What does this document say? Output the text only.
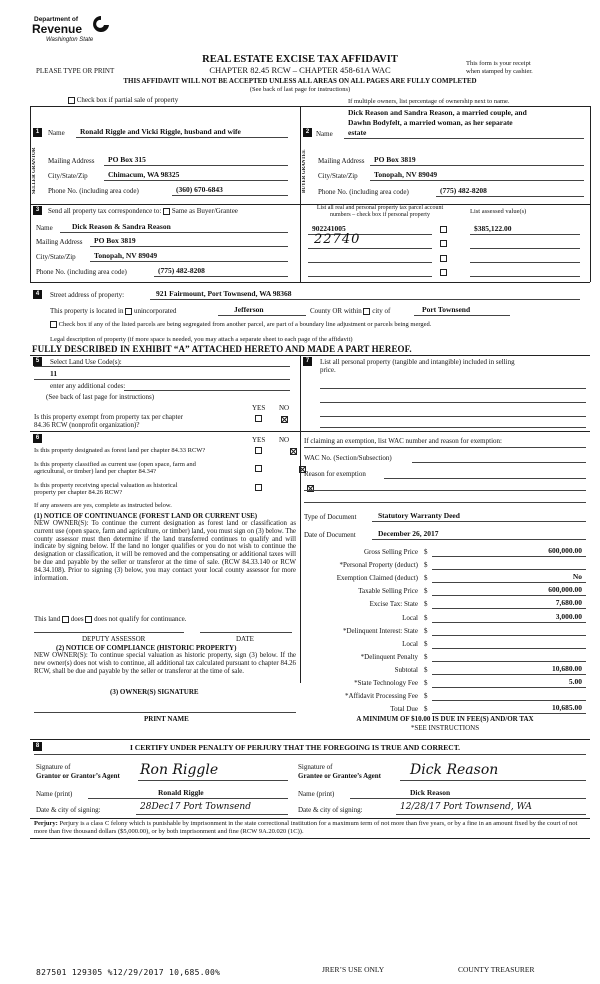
Department of
Revenue
Washington State
REAL ESTATE EXCISE TAX AFFIDAVIT
CHAPTER 82.45 RCW – CHAPTER 458-61A WAC
PLEASE TYPE OR PRINT
This form is your receipt
when stamped by cashier.
THIS AFFIDAVIT WILL NOT BE ACCEPTED UNLESS ALL AREAS ON ALL PAGES ARE FULLY COMPLETED
(See back of last page for instructions)
Check box if partial sale of property	If multiple owners, list percentage of ownership next to name.
1	Name Ronald Riggle and Vicki Riggle, husband and wife
SELLER GRANTOR	Mailing Address PO Box 315
City/State/Zip	Chimacum, WA 98325
Phone No. (including area code)	(360) 670-6843
Dick Reason and Sandra Reason, a married couple, and
Dawhn Bodyfelt, a married woman, as her separate
2 Name estate
BUYER GRANTEE	Mailing Address PO Box 3819
City/State/Zip Tonopah, NV 89049
Phone No. (including area code)	(775) 482-8208
3	Send all property tax correspondence to: Same as Buyer/Grantee
Name	Dick Reason & Sandra Reason
Mailing Address PO Box 3819
City/State/Zip Tonopah, NV 89049
Phone No. (including area code)	(775) 482-8208
List all real and personal property tax parcel account
numbers – check box if personal property	List assessed value(s)
902241005	$385,122.00
22740
4	Street address of property:	921 Fairmount, Port Townsend, WA 98368
This property is located in unincorporated	Jefferson	County OR within city of	Port Townsend
Check box if any of the listed parcels are being segregated from another parcel, are part of a boundary line adjustment or parcels being merged.
Legal description of property (if more space is needed, you may attach a separate sheet to each page of the affidavit)
FULLY DESCRIBED IN EXHIBIT “A” ATTACHED HERETO AND MADE A PART HEREOF.
5	Select Land Use Code(s):
11
enter any additional codes:
(See back of last page for instructions)
YES NO
Is this property exempt from property tax per chapter
84.36 RCW (nonprofit organization)?

7	List all personal property (tangible and intangible) included in selling
price.
6	YES NO
Is this property designated as forest land per chapter 84.33 RCW?

Is this property classified as current use (open space, farm and
agricultural, or timber) land per chapter 84.34?

Is this property receiving special valuation as historical
property per chapter 84.26 RCW?
If any answers are yes, complete as instructed below.
(1) NOTICE OF CONTINUANCE (FOREST LAND OR CURRENT USE)
NEW OWNER(S): To continue the current designation as forest land or classification as current use (open space, farm and agriculture, or timber) land, you must sign on (3) below. The county assessor must then determine if the land transferred continues to qualify and will indicate by signing below. If the land no longer qualifies or you do not wish to continue the designation or classification, it will be removed and the compensating or additional taxes will be due and payable by the seller or transferor at the time of sale. (RCW 84.33.140 or RCW 84.34.108). Prior to signing (3) below, you may contact your local county assessor for more information.
This land does does not qualify for continuance.
DEPUTY ASSESSOR	DATE
(2) NOTICE OF COMPLIANCE (HISTORIC PROPERTY)
NEW OWNER(S): To continue special valuation as historic property, sign (3) below. If the new owner(s) does not wish to continue, all additional tax calculated pursuant to chapter 84.26 RCW, shall be due and payable by the seller or transferor at the time of sale.
(3) OWNER(S) SIGNATURE
PRINT NAME
If claiming an exemption, list WAC number and reason for exemption:
WAC No. (Section/Subsection)
Reason for exemption
Type of Document	Statutory Warranty Deed
Date of Document	December 26, 2017
Gross Selling Price $	600,000.00
*Personal Property (deduct) $
Exemption Claimed (deduct) $	No
Taxable Selling Price $	600,000.00
Excise Tax: State $	7,680.00
Local $	3,000.00
*Delinquent Interest: State $
Local $
*Delinquent Penalty $
Subtotal $	10,680.00
*State Technology Fee $	5.00
*Affidavit Processing Fee $
Total Due $	10,685.00
A MINIMUM OF $10.00 IS DUE IN FEE(S) AND/OR TAX
*SEE INSTRUCTIONS
8	I CERTIFY UNDER PENALTY OF PERJURY THAT THE FOREGOING IS TRUE AND CORRECT.
Signature of
Grantor or Grantor’s Agent Ron Riggle
Name (print)	Ronald Riggle
Date & city of signing:	28Dec17 Port Townsend
Signature of
Grantee or Grantee’s Agent Dick Reason
Name (print)	Dick Reason
Date & city of signing:	12/28/17 Port Townsend, WA
Perjury: Perjury is a class C felony which is punishable by imprisonment in the state correctional institution for a maximum term of not more than five years, or by a fine in an amount fixed by the court of not more than five thousand dollars ($5,000.00), or by both imprisonment and fine (RCW 9A.20.020 (1C)).
827501 129305 %12/29/2017 10,685.00%	JRER’S USE ONLY	COUNTY TREASURER
